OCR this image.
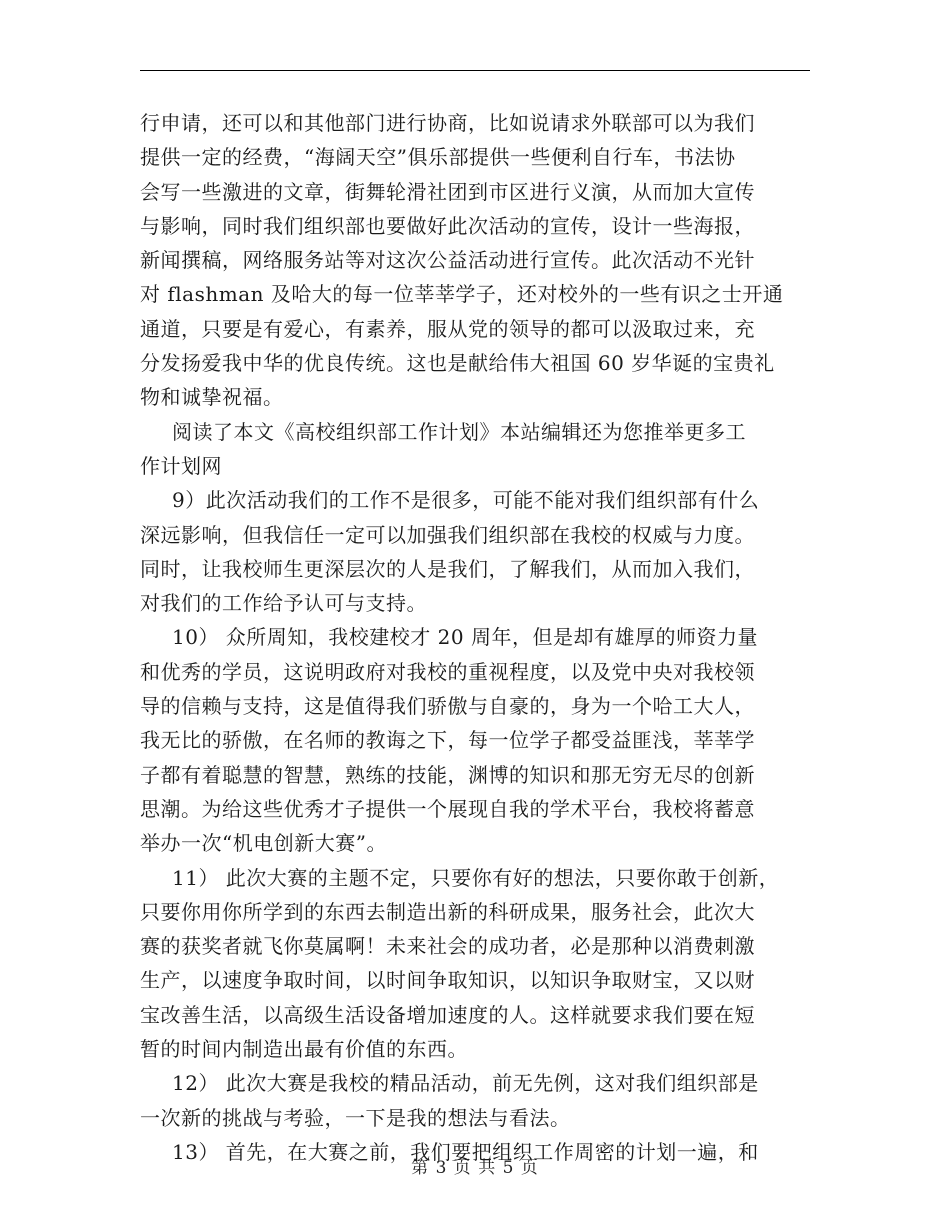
行申请，还可以和其他部门进行协商，比如说请求外联部可以为我们
提供一定的经费，“海阔天空”俱乐部提供一些便利自行车，书法协
会写一些激进的文章，街舞轮滑社团到市区进行义演，从而加大宣传
与影响，同时我们组织部也要做好此次活动的宣传，设计一些海报，
新闻撰稿，网络服务站等对这次公益活动进行宣传。此次活动不光针
对 flashman 及哈大的每一位莘莘学子，还对校外的一些有识之士开通
通道，只要是有爱心，有素养，服从党的领导的都可以汲取过来，充
分发扬爱我中华的优良传统。这也是献给伟大祖国 60 岁华诞的宝贵礼
物和诚挚祝福。
阅读了本文《高校组织部工作计划》本站编辑还为您推举更多工
作计划网
9）此次活动我们的工作不是很多，可能不能对我们组织部有什么
深远影响，但我信任一定可以加强我们组织部在我校的权威与力度。
同时，让我校师生更深层次的人是我们，了解我们，从而加入我们，
对我们的工作给予认可与支持。
10） 众所周知，我校建校才 20 周年，但是却有雄厚的师资力量
和优秀的学员，这说明政府对我校的重视程度，以及党中央对我校领
导的信赖与支持，这是值得我们骄傲与自豪的，身为一个哈工大人，
我无比的骄傲，在名师的教诲之下，每一位学子都受益匪浅，莘莘学
子都有着聪慧的智慧，熟练的技能，渊博的知识和那无穷无尽的创新
思潮。为给这些优秀才子提供一个展现自我的学术平台，我校将蓄意
举办一次“机电创新大赛”。
11） 此次大赛的主题不定，只要你有好的想法，只要你敢于创新，
只要你用你所学到的东西去制造出新的科研成果，服务社会，此次大
赛的获奖者就飞你莫属啊！未来社会的成功者，必是那种以消费刺激
生产，以速度争取时间，以时间争取知识，以知识争取财宝，又以财
宝改善生活，以高级生活设备增加速度的人。这样就要求我们要在短
暂的时间内制造出最有价值的东西。
12） 此次大赛是我校的精品活动，前无先例，这对我们组织部是
一次新的挑战与考验，一下是我的想法与看法。
13） 首先，在大赛之前，我们要把组织工作周密的计划一遍，和
第 3 页 共 5 页
